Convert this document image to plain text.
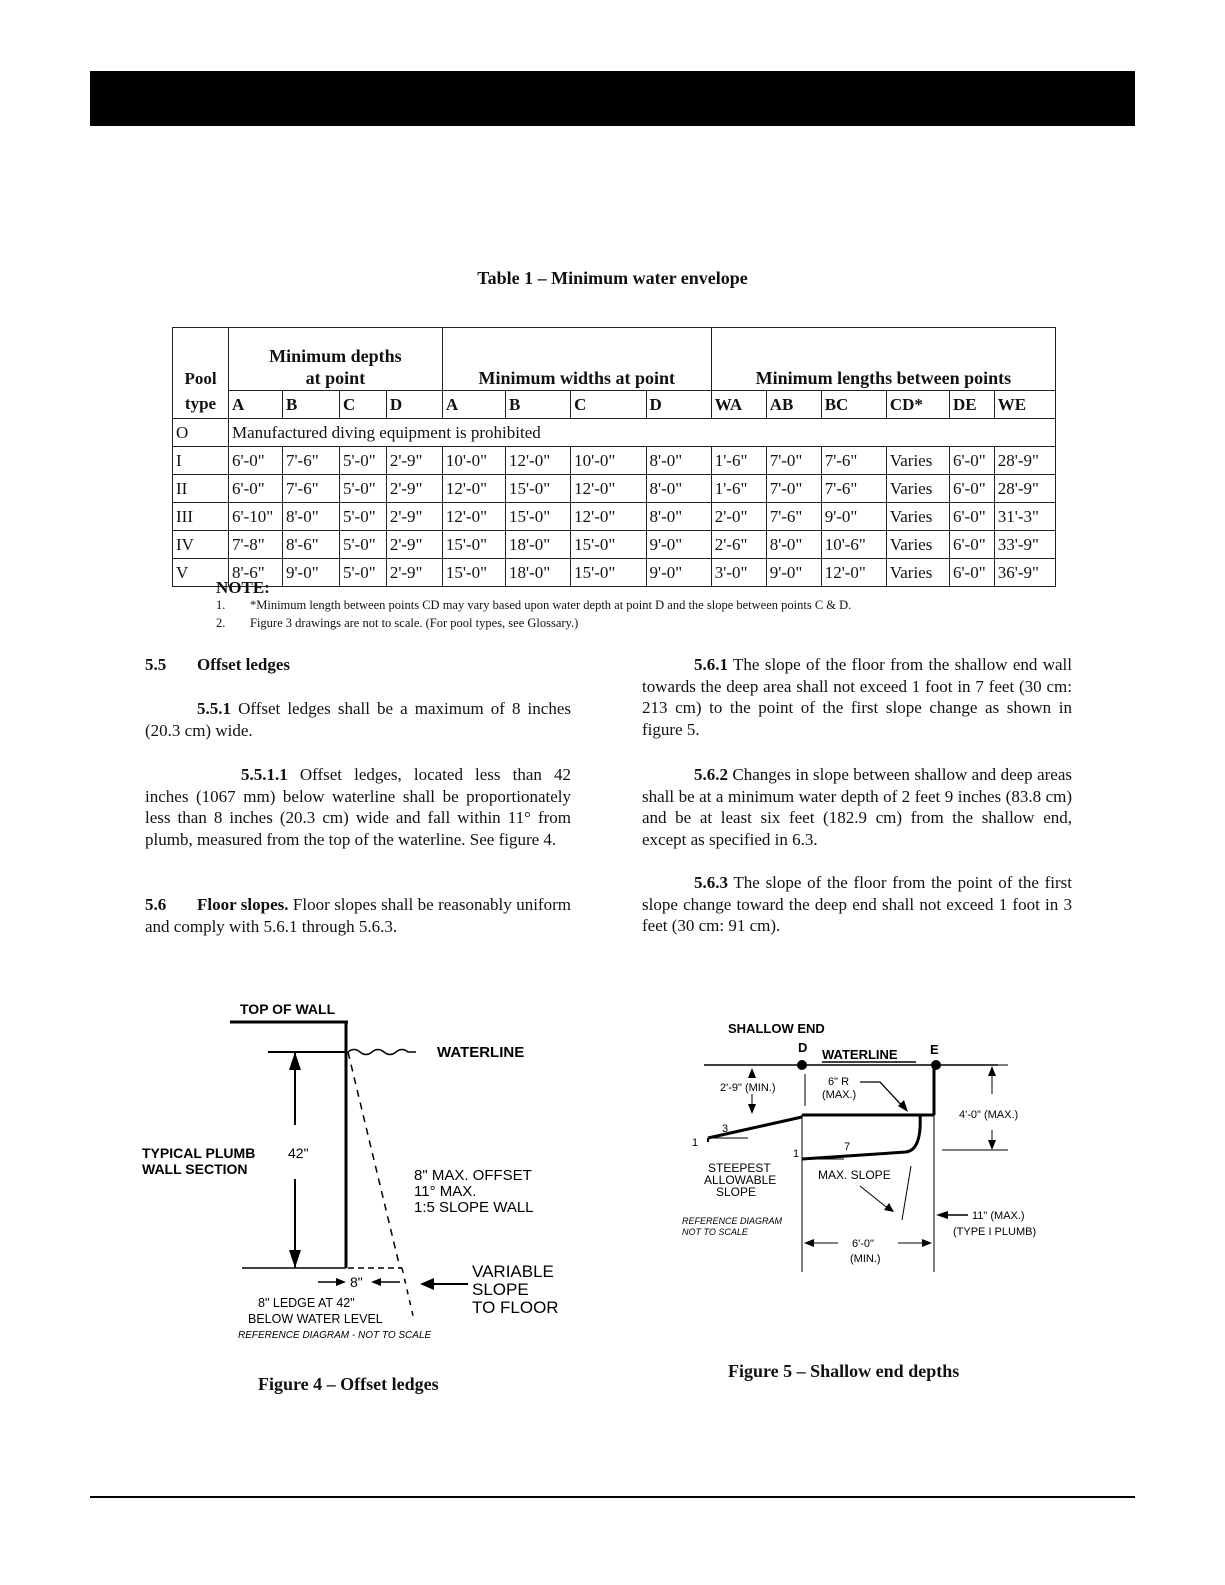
Table 1 – Minimum water envelope
Pool	Minimum depths
at point				Minimum widths at point				Minimum lengths between points					

type	A	B	C	D	A	B	C	D	WA	AB	BC	CD*	DE	WE
O	Manufactured diving equipment is prohibited													
I	6'-0"	7'-6"	5'-0"	2'-9"	10'-0"	12'-0"	10'-0"	8'-0"	1'-6"	7'-0"	7'-6"	Varies	6'-0"	28'-9"
II	6'-0"	7'-6"	5'-0"	2'-9"	12'-0"	15'-0"	12'-0"	8'-0"	1'-6"	7'-0"	7'-6"	Varies	6'-0"	28'-9"
III	6'-10"	8'-0"	5'-0"	2'-9"	12'-0"	15'-0"	12'-0"	8'-0"	2'-0"	7'-6"	9'-0"	Varies	6'-0"	31'-3"
IV	7'-8"	8'-6"	5'-0"	2'-9"	15'-0"	18'-0"	15'-0"	9'-0"	2'-6"	8'-0"	10'-6"	Varies	6'-0"	33'-9"
V	8'-6"	9'-0"	5'-0"	2'-9"	15'-0"	18'-0"	15'-0"	9'-0"	3'-0"	9'-0"	12'-0"	Varies	6'-0"	36'-9"
NOTE:
1. *Minimum length between points CD may vary based upon water depth at point D and the slope between points C & D.
2. Figure 3 drawings are not to scale. (For pool types, see Glossary.)
5.5 Offset ledges
5.5.1 Offset ledges shall be a maximum of 8 inches (20.3 cm) wide.
5.5.1.1 Offset ledges, located less than 42 inches (1067 mm) below waterline shall be proportionately less than 8 inches (20.3 cm) wide and fall within 11° from plumb, measured from the top of the waterline. See figure 4.
5.6 Floor slopes. Floor slopes shall be reasonably uniform and comply with 5.6.1 through 5.6.3.
5.6.1 The slope of the floor from the shallow end wall towards the deep area shall not exceed 1 foot in 7 feet (30 cm: 213 cm) to the point of the first slope change as shown in figure 5.
5.6.2 Changes in slope between shallow and deep areas shall be at a minimum water depth of 2 feet 9 inches (83.8 cm) and be at least six feet (182.9 cm) from the shallow end, except as specified in 6.3.
5.6.3 The slope of the floor from the point of the first slope change toward the deep end shall not exceed 1 foot in 3 feet (30 cm: 91 cm).
TOP OF WALL
WATERLINE
42"
TYPICAL PLUMB
WALL SECTION	8" MAX. OFFSET
11° MAX.
1:5 SLOPE WALL
8"
VARIABLE
SLOPE
TO FLOOR
8" LEDGE AT 42"
BELOW WATER LEVEL
REFERENCE DIAGRAM - NOT TO SCALE
Figure 4 – Offset ledges
SHALLOW END
D	E
WATERLINE
2'-9" (MIN.)	6" R
(MAX.)
4'-0" (MAX.)
3
1	7
1
STEEPEST
ALLOWABLE
SLOPE
MAX. SLOPE
REFERENCE DIAGRAM
NOT TO SCALE
11" (MAX.)
(TYPE I PLUMB)
6'-0"
(MIN.)
Figure 5 – Shallow end depths
